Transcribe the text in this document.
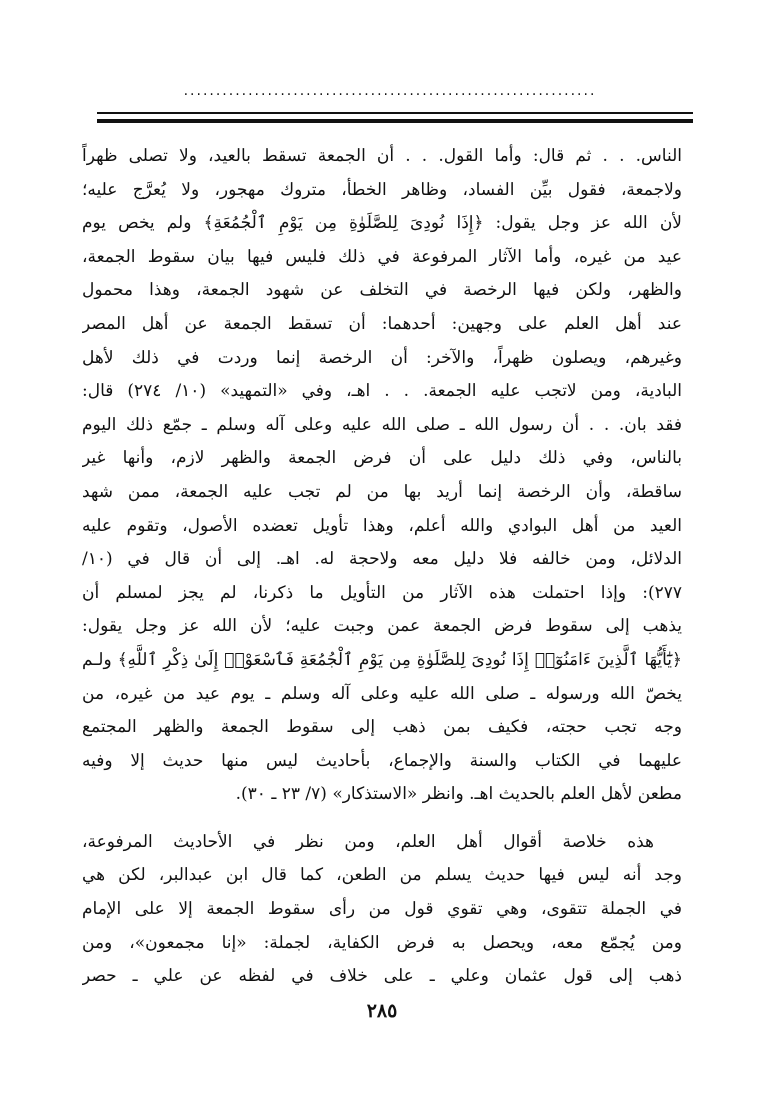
................................................................
الناس. . . ثم قال: وأما القول. . . أن الجمعة تسقط بالعيد، ولا تصلى ظهراً
ولاجمعة، فقول بيِّن الفساد، وظاهر الخطأ، متروك مهجور، ولا يُعرَّج عليه؛
لأن الله عز وجل يقول: ﴿إِذَا نُودِىَ لِلصَّلَوٰةِ مِن يَوْمِ ٱلْجُمُعَةِ﴾ ولم يخص يوم
عيد من غيره، وأما الآثار المرفوعة في ذلك فليس فيها بيان سقوط الجمعة،
والظهر، ولكن فيها الرخصة في التخلف عن شهود الجمعة، وهذا محمول
عند أهل العلم على وجهين: أحدهما: أن تسقط الجمعة عن أهل المصر
وغيرهم، ويصلون ظهراً، والآخر: أن الرخصة إنما وردت في ذلك لأهل
البادية، ومن لاتجب عليه الجمعة. . . اهـ، وفي «التمهيد» (١٠/ ٢٧٤) قال:
فقد بان. . . أن رسول الله ـ صلى الله عليه وعلى آله وسلم ـ جمّع ذلك اليوم
بالناس، وفي ذلك دليل على أن فرض الجمعة والظهر لازم، وأنها غير
ساقطة، وأن الرخصة إنما أريد بها من لم تجب عليه الجمعة، ممن شهد
العيد من أهل البوادي والله أعلم، وهذا تأويل تعضده الأصول، وتقوم عليه
الدلائل، ومن خالفه فلا دليل معه ولاحجة له. اهـ. إلى أن قال في (١٠/
٢٧٧): وإذا احتملت هذه الآثار من التأويل ما ذكرنا، لم يجز لمسلم أن
يذهب إلى سقوط فرض الجمعة عمن وجبت عليه؛ لأن الله عز وجل يقول:
﴿يَٰٓأَيُّهَا ٱلَّذِينَ ءَامَنُوٓا۟ إِذَا نُودِىَ لِلصَّلَوٰةِ مِن يَوْمِ ٱلْجُمُعَةِ فَٱسْعَوْا۟ إِلَىٰ ذِكْرِ ٱللَّهِ﴾ ولـم
يخصّ الله ورسوله ـ صلى الله عليه وعلى آله وسلم ـ يوم عيد من غيره، من
وجه تجب حجته، فكيف بمن ذهب إلى سقوط الجمعة والظهر المجتمع
عليهما في الكتاب والسنة والإجماع، بأحاديث ليس منها حديث إلا وفيه
مطعن لأهل العلم بالحديث اهـ. وانظر «الاستذكار» (٧/ ٢٣ ـ ٣٠).
هذه خلاصة أقوال أهل العلم، ومن نظر في الأحاديث المرفوعة،
وجد أنه ليس فيها حديث يسلم من الطعن، كما قال ابن عبدالبر، لكن هي
في الجملة تتقوى، وهي تقوي قول من رأى سقوط الجمعة إلا على الإمام
ومن يُجمّع معه، ويحصل به فرض الكفاية، لجملة: «إنا مجمعون»، ومن
ذهب إلى قول عثمان وعلي ـ على خلاف في لفظه عن علي ـ حصر
٢٨٥
